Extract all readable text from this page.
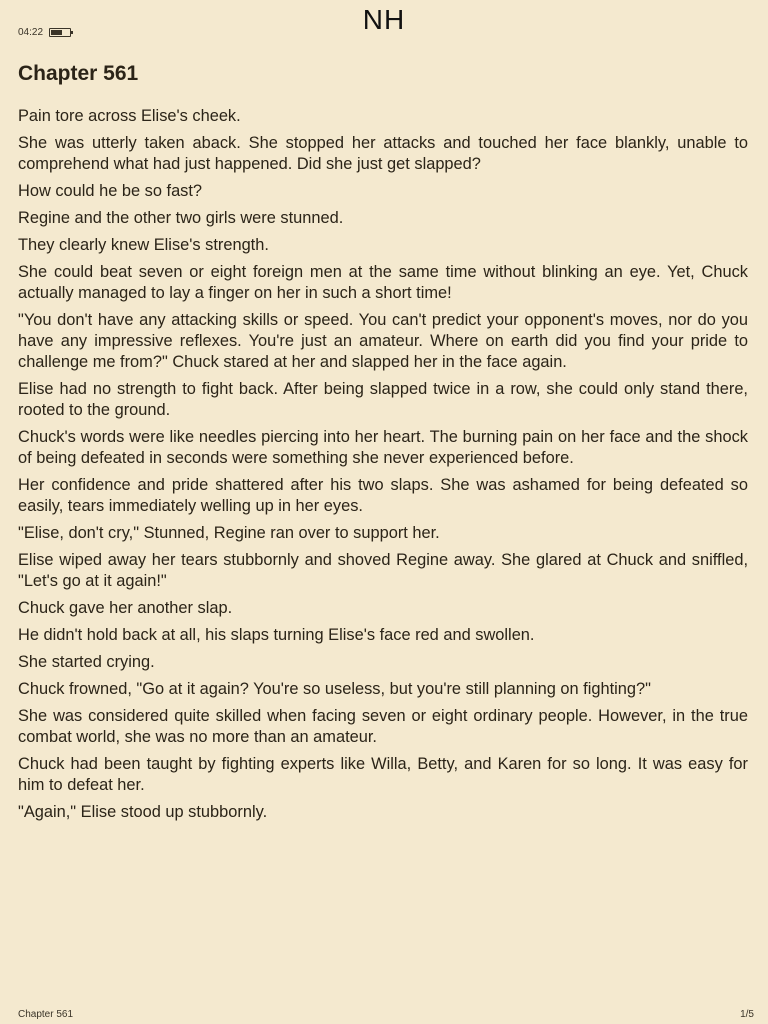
04:22	NH
Chapter 561

Pain tore across Elise's cheek.

She was utterly taken aback. She stopped her attacks and touched her face blankly, unable to comprehend what had just happened. Did she just get slapped?

How could he be so fast?

Regine and the other two girls were stunned.

They clearly knew Elise's strength.

She could beat seven or eight foreign men at the same time without blinking an eye. Yet, Chuck actually managed to lay a finger on her in such a short time!

"You don't have any attacking skills or speed. You can't predict your opponent's moves, nor do you have any impressive reflexes. You're just an amateur. Where on earth did you find your pride to challenge me from?" Chuck stared at her and slapped her in the face again.

Elise had no strength to fight back. After being slapped twice in a row, she could only stand there, rooted to the ground.

Chuck's words were like needles piercing into her heart. The burning pain on her face and the shock of being defeated in seconds were something she never experienced before.

Her confidence and pride shattered after his two slaps. She was ashamed for being defeated so easily, tears immediately welling up in her eyes.

"Elise, don't cry," Stunned, Regine ran over to support her.

Elise wiped away her tears stubbornly and shoved Regine away. She glared at Chuck and sniffled, "Let's go at it again!"

Chuck gave her another slap.

He didn't hold back at all, his slaps turning Elise's face red and swollen.

She started crying.

Chuck frowned, "Go at it again? You're so useless, but you're still planning on fighting?"

She was considered quite skilled when facing seven or eight ordinary people. However, in the true combat world, she was no more than an amateur.

Chuck had been taught by fighting experts like Willa, Betty, and Karen for so long. It was easy for him to defeat her.

"Again," Elise stood up stubbornly.

Chapter 561	1/5
